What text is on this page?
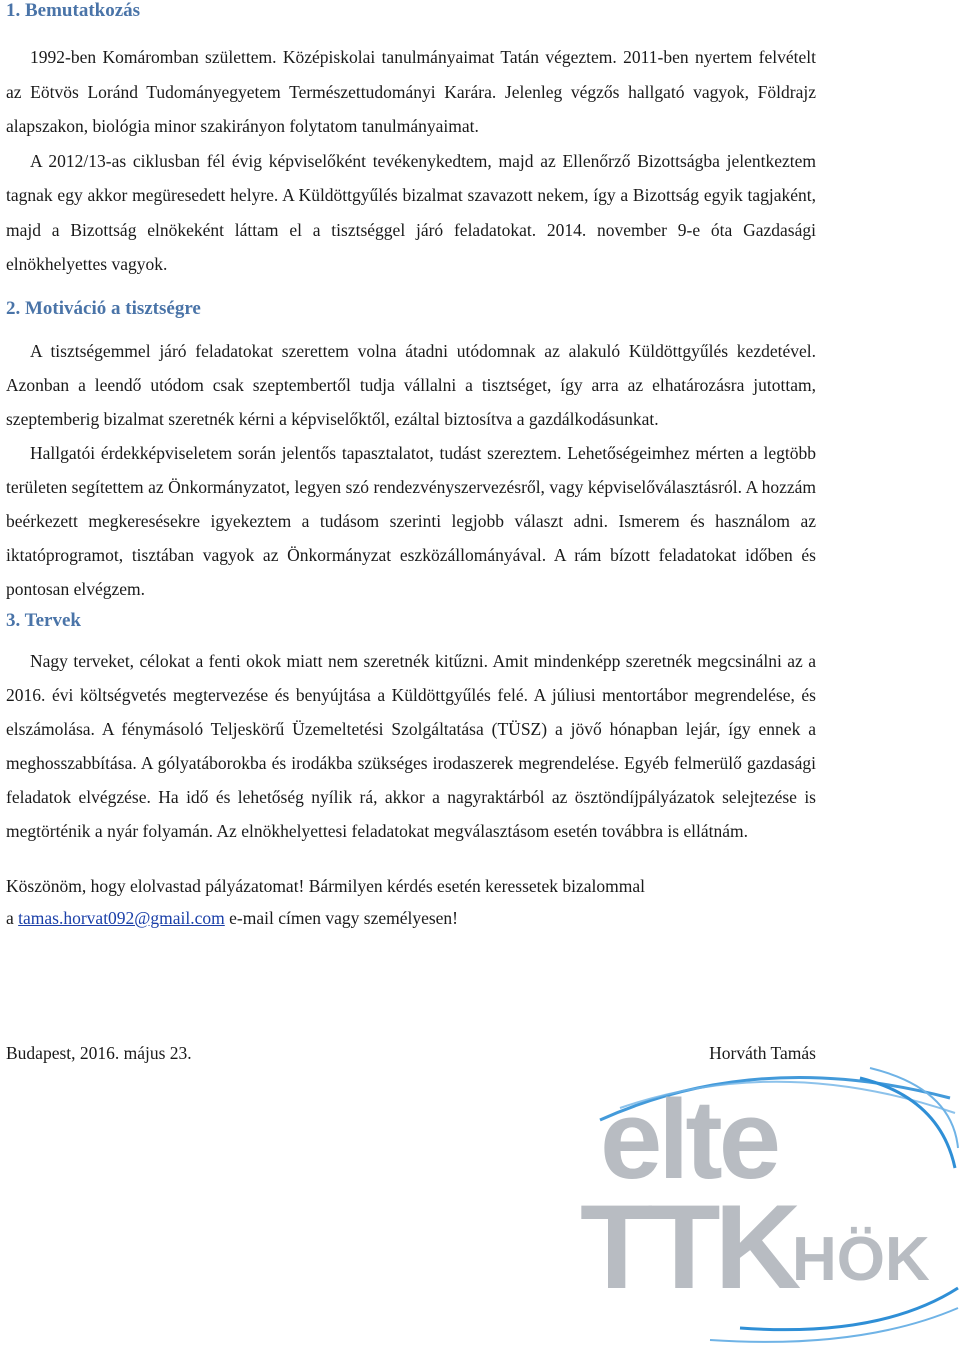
1. Bemutatkozás

1992-ben Komáromban születtem. Középiskolai tanulmányaimat Tatán végeztem. 2011-ben nyertem felvételt az Eötvös Loránd Tudományegyetem Természettudományi Karára. Jelenleg végzős hallgató vagyok, Földrajz alapszakon, biológia minor szakirányon folytatom tanulmányaimat.

A 2012/13-as ciklusban fél évig képviselőként tevékenykedtem, majd az Ellenőrző Bizottságba jelentkeztem tagnak egy akkor megüresedett helyre. A Küldöttgyűlés bizalmat szavazott nekem, így a Bizottság egyik tagjaként, majd a Bizottság elnökeként láttam el a tisztséggel járó feladatokat. 2014. november 9-e óta Gazdasági elnökhelyettes vagyok.

2. Motiváció a tisztségre

A tisztségemmel járó feladatokat szerettem volna átadni utódomnak az alakuló Küldöttgyűlés kezdetével. Azonban a leendő utódom csak szeptembertől tudja vállalni a tisztséget, így arra az elhatározásra jutottam, szeptemberig bizalmat szeretnék kérni a képviselőktől, ezáltal biztosítva a gazdálkodásunkat.

Hallgatói érdekképviseletem során jelentős tapasztalatot, tudást szereztem. Lehetőségeimhez mérten a legtöbb területen segítettem az Önkormányzatot, legyen szó rendezvényszervezésről, vagy képviselőválasztásról. A hozzám beérkezett megkeresésekre igyekeztem a tudásom szerinti legjobb választ adni. Ismerem és használom az iktatóprogramot, tisztában vagyok az Önkormányzat eszközállományával. A rám bízott feladatokat időben és pontosan elvégzem.

3. Tervek

Nagy terveket, célokat a fenti okok miatt nem szeretnék kitűzni. Amit mindenképp szeretnék megcsinálni az a 2016. évi költségvetés megtervezése és benyújtása a Küldöttgyűlés felé. A júliusi mentortábor megrendelése, és elszámolása. A fénymásoló Teljeskörű Üzemeltetési Szolgáltatása (TÜSZ) a jövő hónapban lejár, így ennek a meghosszabbítása. A gólyatáborokba és irodákba szükséges irodaszerek megrendelése. Egyéb felmerülő gazdasági feladatok elvégzése. Ha idő és lehetőség nyílik rá, akkor a nagyraktárból az ösztöndíjpályázatok selejtezése is megtörténik a nyár folyamán. Az elnökhelyettesi feladatokat megválasztásom esetén továbbra is ellátnám.

Köszönöm, hogy elolvastad pályázatomat! Bármilyen kérdés esetén keressetek bizalommal

a tamas.horvat092@gmail.com e-mail címen vagy személyesen!

Budapest, 2016. május 23.	Horváth Tamás
elte
TTK
HÖK
